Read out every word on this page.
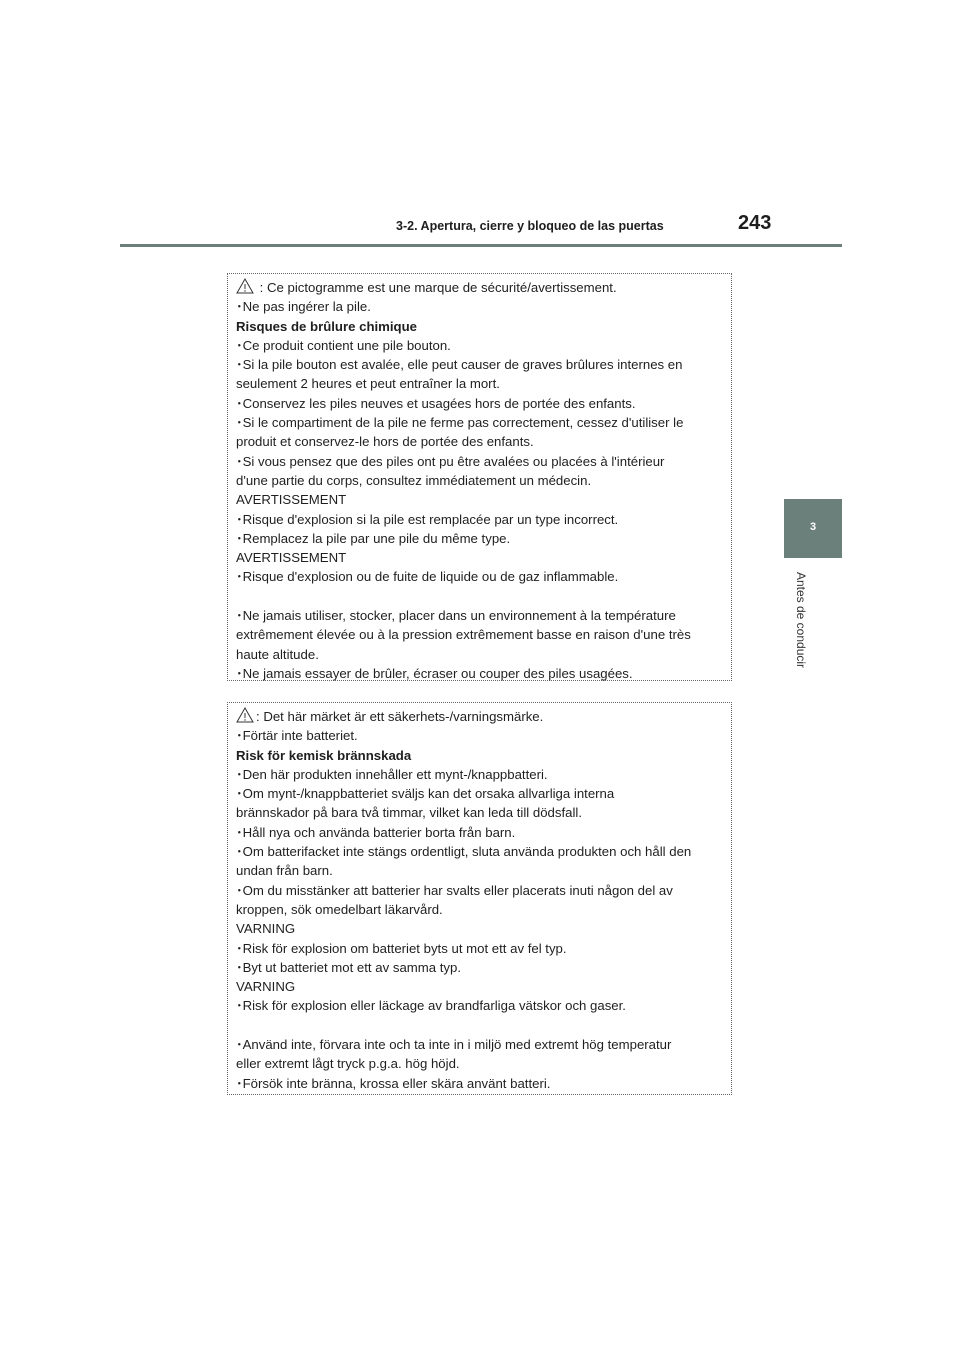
3-2. Apertura, cierre y bloqueo de las puertas	243
3
Antes de conducir
: Ce pictogramme est une marque de sécurité/avertissement.
･Ne pas ingérer la pile.
Risques de brûlure chimique
･Ce produit contient une pile bouton.
･Si la pile bouton est avalée, elle peut causer de graves brûlures internes en
seulement 2 heures et peut entraîner la mort.
･Conservez les piles neuves et usagées hors de portée des enfants.
･Si le compartiment de la pile ne ferme pas correctement, cessez d'utiliser le
produit et conservez-le hors de portée des enfants.
･Si vous pensez que des piles ont pu être avalées ou placées à l'intérieur
d'une partie du corps, consultez immédiatement un médecin.
AVERTISSEMENT
･Risque d'explosion si la pile est remplacée par un type incorrect.
･Remplacez la pile par une pile du même type.
AVERTISSEMENT
･Risque d'explosion ou de fuite de liquide ou de gaz inflammable.
･Ne jamais utiliser, stocker, placer dans un environnement à la température
extrêmement élevée ou à la pression extrêmement basse en raison d'une très
haute altitude.
･Ne jamais essayer de brûler, écraser ou couper des piles usagées.
: Det här märket är ett säkerhets-/varningsmärke.
･Förtär inte batteriet.
Risk för kemisk brännskada
･Den här produkten innehåller ett mynt-/knappbatteri.
･Om mynt-/knappbatteriet sväljs kan det orsaka allvarliga interna
brännskador på bara två timmar, vilket kan leda till dödsfall.
･Håll nya och använda batterier borta från barn.
･Om batterifacket inte stängs ordentligt, sluta använda produkten och håll den
undan från barn.
･Om du misstänker att batterier har svalts eller placerats inuti någon del av
kroppen, sök omedelbart läkarvård.
VARNING
･Risk för explosion om batteriet byts ut mot ett av fel typ.
･Byt ut batteriet mot ett av samma typ.
VARNING
･Risk för explosion eller läckage av brandfarliga vätskor och gaser.
･Använd inte, förvara inte och ta inte in i miljö med extremt hög temperatur
eller extremt lågt tryck p.g.a. hög höjd.
･Försök inte bränna, krossa eller skära använt batteri.
